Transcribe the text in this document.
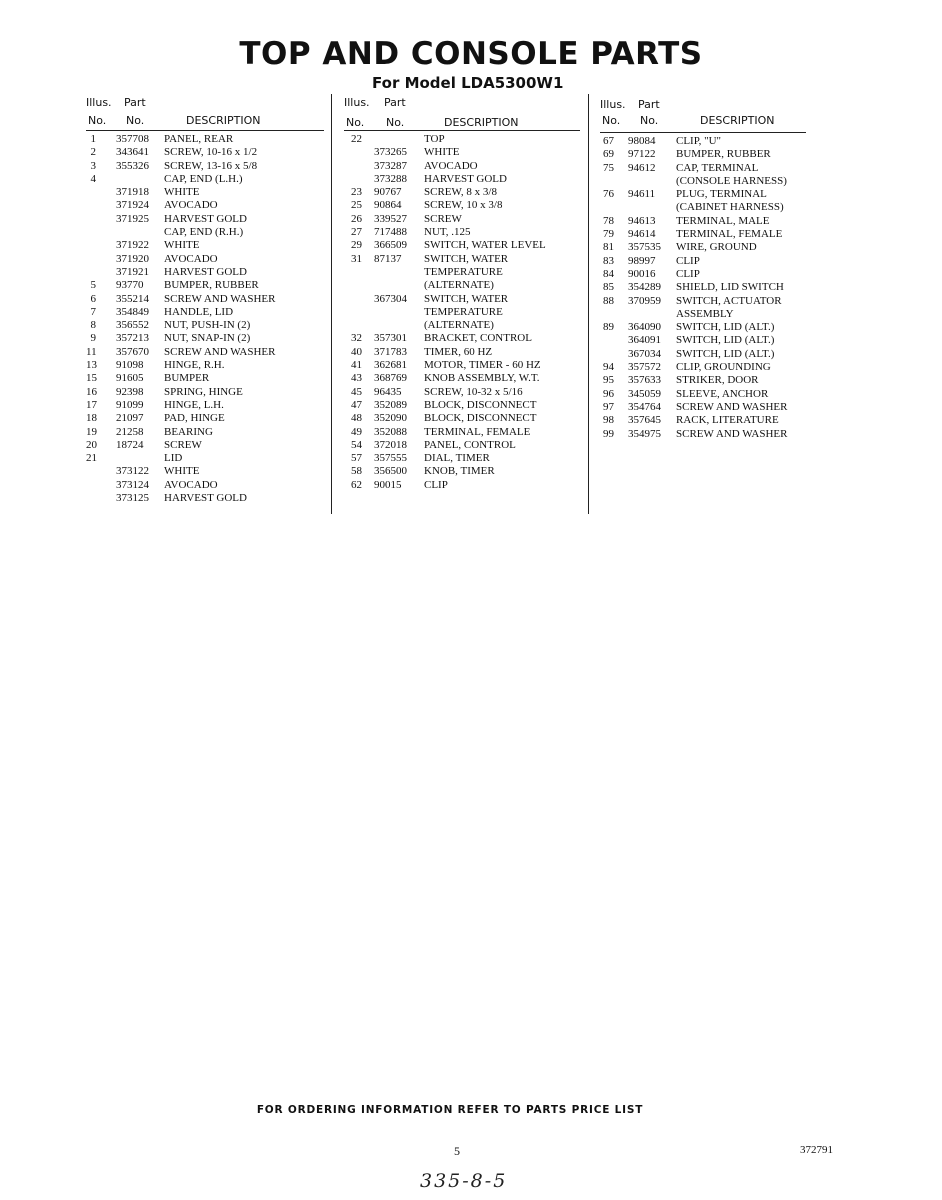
TOP AND CONSOLE PARTS
For Model LDA5300W1
Illus. Part
No. No.	DESCRIPTION
1 357708 PANEL, REAR
2 343641 SCREW, 10-16 x 1/2
3 355326 SCREW, 13-16 x 5/8
4	CAP, END (L.H.)
371918 WHITE
371924 AVOCADO
371925 HARVEST GOLD
CAP, END (R.H.)
371922 WHITE
371920 AVOCADO
371921 HARVEST GOLD
5 93770 BUMPER, RUBBER
6 355214 SCREW AND WASHER
7 354849 HANDLE, LID
8 356552 NUT, PUSH-IN (2)
9 357213 NUT, SNAP-IN (2)
11 357670 SCREW AND WASHER
13 91098 HINGE, R.H.
15 91605 BUMPER
16 92398 SPRING, HINGE
17 91099 HINGE, L.H.
18 21097 PAD, HINGE
19 21258 BEARING
20 18724 SCREW
21	LID
373122 WHITE
373124 AVOCADO
373125 HARVEST GOLD
Illus. Part
No. No.	DESCRIPTION
22	TOP
373265 WHITE
373287 AVOCADO
373288 HARVEST GOLD
23 90767 SCREW, 8 x 3/8
25 90864 SCREW, 10 x 3/8
26 339527 SCREW
27 717488 NUT, .125
29 366509 SWITCH, WATER LEVEL
31 87137 SWITCH, WATER
TEMPERATURE
(ALTERNATE)
367304 SWITCH, WATER
TEMPERATURE
(ALTERNATE)
32 357301 BRACKET, CONTROL
40 371783 TIMER, 60 HZ
41 362681 MOTOR, TIMER - 60 HZ
43 368769 KNOB ASSEMBLY, W.T.
45 96435 SCREW, 10-32 x 5/16
47 352089 BLOCK, DISCONNECT
48 352090 BLOCK, DISCONNECT
49 352088 TERMINAL, FEMALE
54 372018 PANEL, CONTROL
57 357555 DIAL, TIMER
58 356500 KNOB, TIMER
62 90015 CLIP
Illus. Part
No. No.	DESCRIPTION
67 98084 CLIP, "U"
69 97122 BUMPER, RUBBER
75 94612 CAP, TERMINAL
(CONSOLE HARNESS)
76 94611 PLUG, TERMINAL
(CABINET HARNESS)
78 94613 TERMINAL, MALE
79 94614 TERMINAL, FEMALE
81 357535 WIRE, GROUND
83 98997 CLIP
84 90016 CLIP
85 354289 SHIELD, LID SWITCH
88 370959 SWITCH, ACTUATOR
ASSEMBLY
89 364090 SWITCH, LID (ALT.)
364091 SWITCH, LID (ALT.)
367034 SWITCH, LID (ALT.)
94 357572 CLIP, GROUNDING
95 357633 STRIKER, DOOR
96 345059 SLEEVE, ANCHOR
97 354764 SCREW AND WASHER
98 357645 RACK, LITERATURE
99 354975 SCREW AND WASHER
FOR ORDERING INFORMATION REFER TO PARTS PRICE LIST
5	372791
335-8-5
